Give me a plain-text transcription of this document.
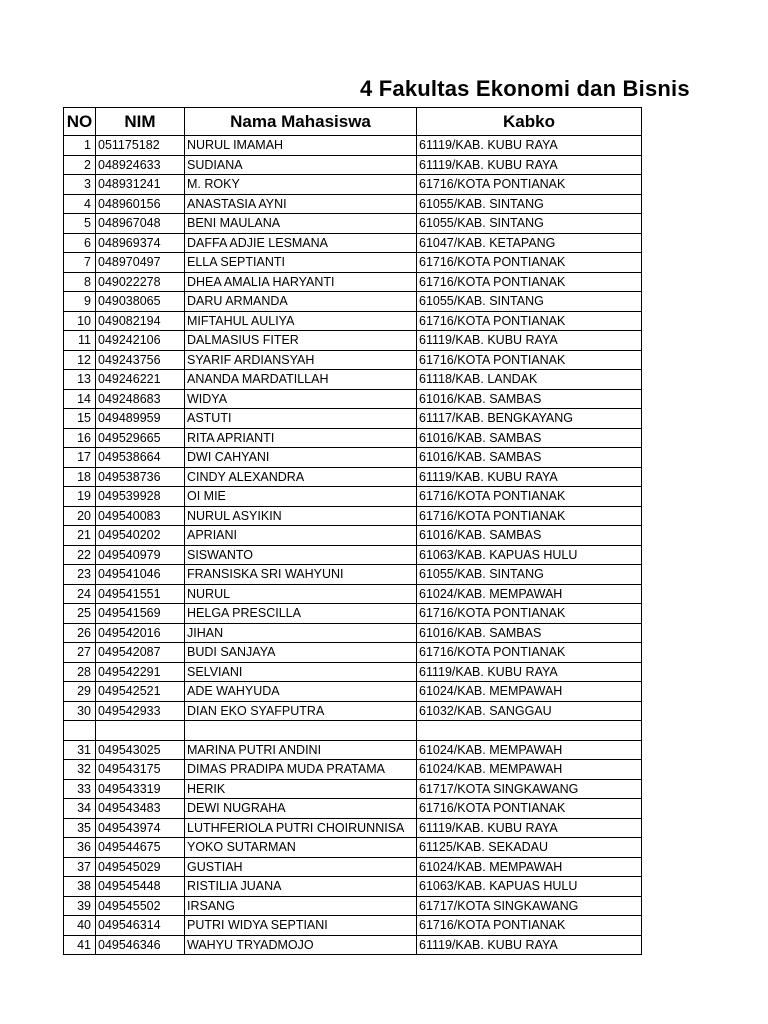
4 Fakultas Ekonomi dan Bisnis
NO	NIM	Nama Mahasiswa	Kabko
1	051175182	NURUL IMAMAH	61119/KAB. KUBU RAYA
2	048924633	SUDIANA	61119/KAB. KUBU RAYA
3	048931241	M. ROKY	61716/KOTA PONTIANAK
4	048960156	ANASTASIA AYNI	61055/KAB. SINTANG
5	048967048	BENI MAULANA	61055/KAB. SINTANG
6	048969374	DAFFA ADJIE LESMANA	61047/KAB. KETAPANG
7	048970497	ELLA SEPTIANTI	61716/KOTA PONTIANAK
8	049022278	DHEA AMALIA HARYANTI	61716/KOTA PONTIANAK
9	049038065	DARU ARMANDA	61055/KAB. SINTANG
10	049082194	MIFTAHUL AULIYA	61716/KOTA PONTIANAK
11	049242106	DALMASIUS FITER	61119/KAB. KUBU RAYA
12	049243756	SYARIF ARDIANSYAH	61716/KOTA PONTIANAK
13	049246221	ANANDA MARDATILLAH	61118/KAB. LANDAK
14	049248683	WIDYA	61016/KAB. SAMBAS
15	049489959	ASTUTI	61117/KAB. BENGKAYANG
16	049529665	RITA APRIANTI	61016/KAB. SAMBAS
17	049538664	DWI CAHYANI	61016/KAB. SAMBAS
18	049538736	CINDY ALEXANDRA	61119/KAB. KUBU RAYA
19	049539928	OI MIE	61716/KOTA PONTIANAK
20	049540083	NURUL ASYIKIN	61716/KOTA PONTIANAK
21	049540202	APRIANI	61016/KAB. SAMBAS
22	049540979	SISWANTO	61063/KAB. KAPUAS HULU
23	049541046	FRANSISKA SRI WAHYUNI	61055/KAB. SINTANG
24	049541551	NURUL	61024/KAB. MEMPAWAH
25	049541569	HELGA PRESCILLA	61716/KOTA PONTIANAK
26	049542016	JIHAN	61016/KAB. SAMBAS
27	049542087	BUDI SANJAYA	61716/KOTA PONTIANAK
28	049542291	SELVIANI	61119/KAB. KUBU RAYA
29	049542521	ADE WAHYUDA	61024/KAB. MEMPAWAH
30	049542933	DIAN EKO SYAFPUTRA	61032/KAB. SANGGAU

31	049543025	MARINA PUTRI ANDINI	61024/KAB. MEMPAWAH
32	049543175	DIMAS PRADIPA MUDA PRATAMA	61024/KAB. MEMPAWAH
33	049543319	HERIK	61717/KOTA SINGKAWANG
34	049543483	DEWI NUGRAHA	61716/KOTA PONTIANAK
35	049543974	LUTHFERIOLA PUTRI CHOIRUNNISA	61119/KAB. KUBU RAYA
36	049544675	YOKO SUTARMAN	61125/KAB. SEKADAU
37	049545029	GUSTIAH	61024/KAB. MEMPAWAH
38	049545448	RISTILIA JUANA	61063/KAB. KAPUAS HULU
39	049545502	IRSANG	61717/KOTA SINGKAWANG
40	049546314	PUTRI WIDYA SEPTIANI	61716/KOTA PONTIANAK
41	049546346	WAHYU TRYADMOJO	61119/KAB. KUBU RAYA
